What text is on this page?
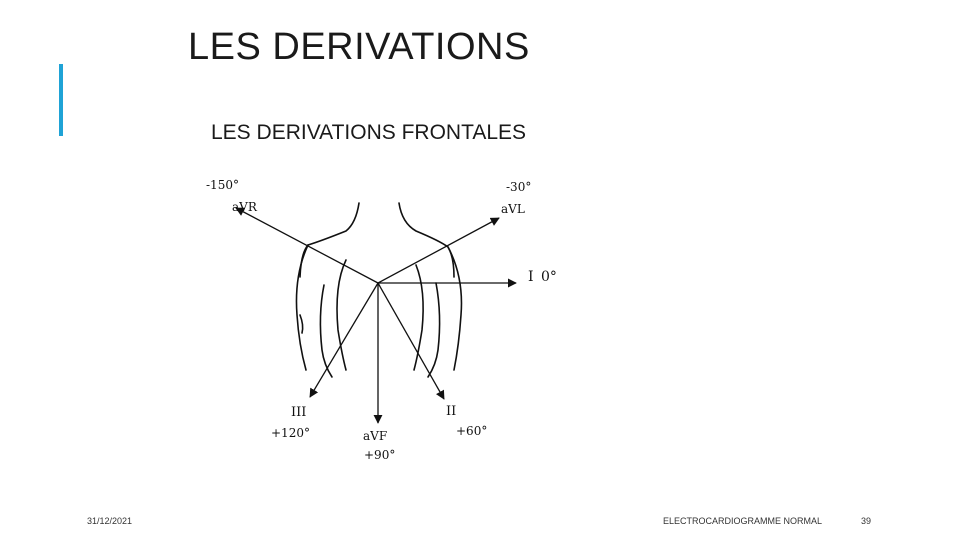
LES DERIVATIONS
LES DERIVATIONS FRONTALES
-150°
aVR
-30°
aVL
I 0°
III
+120°	aVF
+90°
II
+60°
31/12/2021	ELECTROCARDIOGRAMME NORMAL	39
